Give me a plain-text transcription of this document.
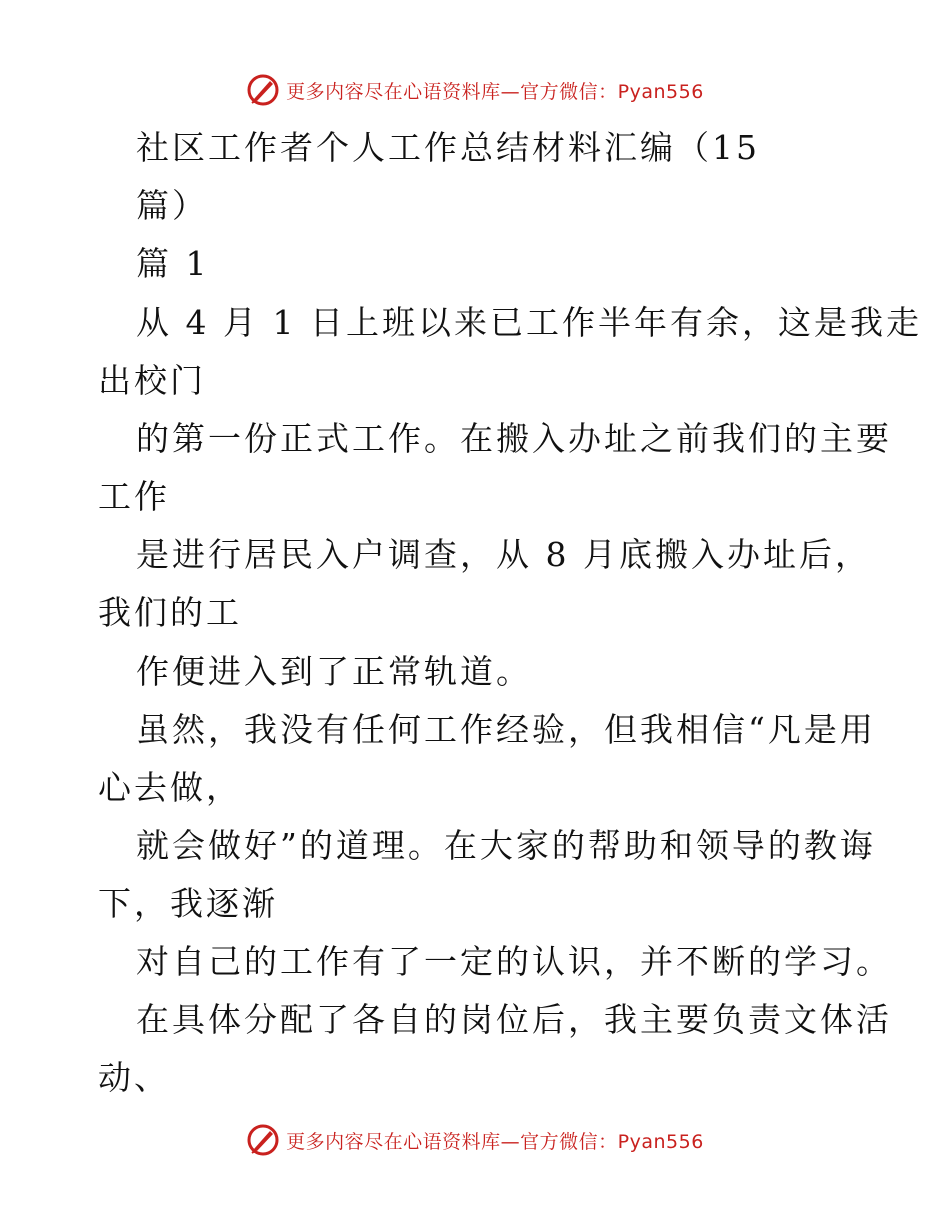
更多内容尽在心语资料库—官方微信：Pyan556
社区工作者个人工作总结材料汇编（15
篇）
篇 1
从 4 月 1 日上班以来已工作半年有余，这是我走
出校门
的第一份正式工作。在搬入办址之前我们的主要
工作
是进行居民入户调查，从 8 月底搬入办址后，
我们的工
作便进入到了正常轨道。
虽然，我没有任何工作经验，但我相信“凡是用
心去做，
就会做好”的道理。在大家的帮助和领导的教诲
下，我逐渐
对自己的工作有了一定的认识，并不断的学习。
在具体分配了各自的岗位后，我主要负责文体活
动、
更多内容尽在心语资料库—官方微信：Pyan556
